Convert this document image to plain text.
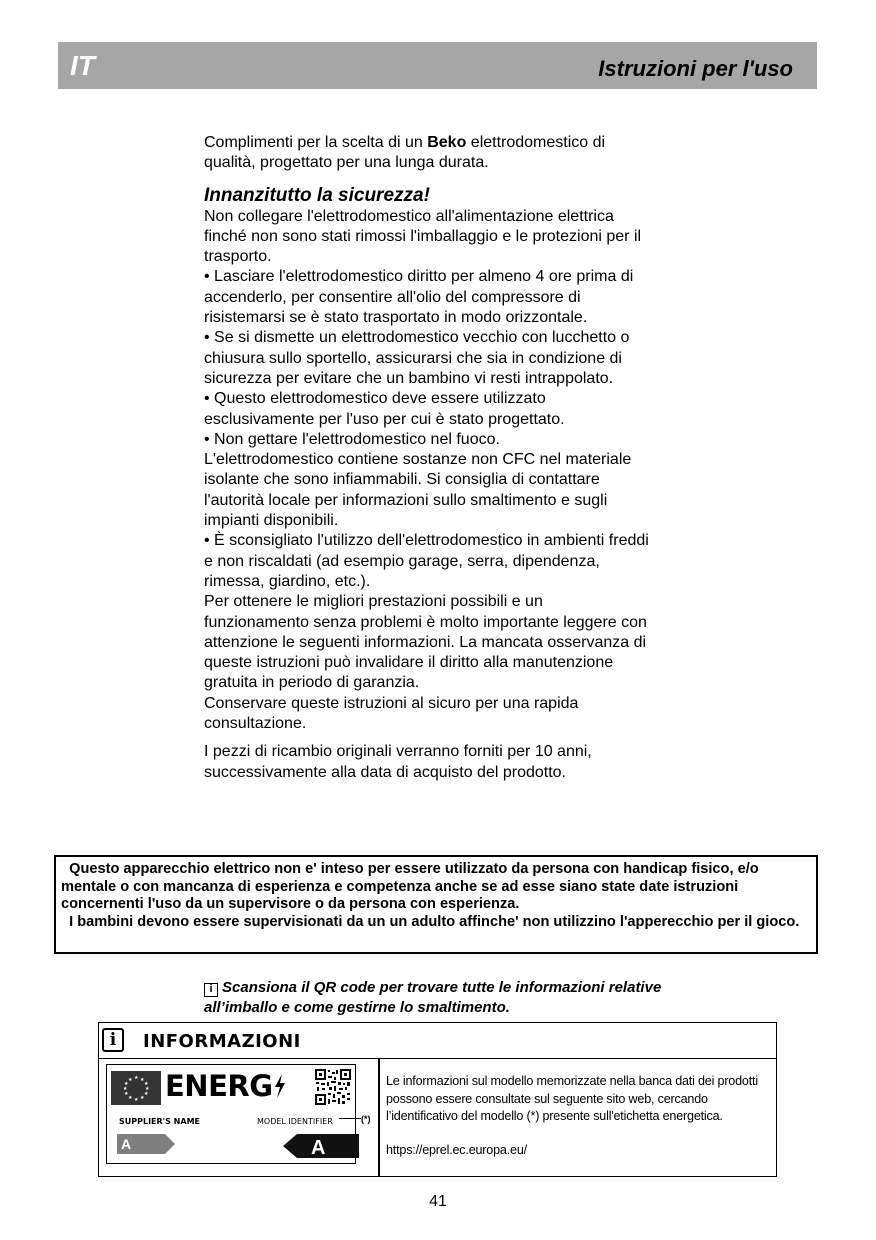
IT	Istruzioni per l'uso

Complimenti per la scelta di un Beko elettrodomestico di qualità, progettato per una lunga durata.

Innanzitutto la sicurezza!

Non collegare l'elettrodomestico all'alimentazione elettrica finché non sono stati rimossi l'imballaggio e le protezioni per il trasporto.

• Lasciare l'elettrodomestico diritto per almeno 4 ore prima di accenderlo, per consentire all'olio del compressore di risistemarsi se è stato trasportato in modo orizzontale.

• Se si dismette un elettrodomestico vecchio con lucchetto o chiusura sullo sportello, assicurarsi che sia in condizione di sicurezza per evitare che un bambino vi resti intrappolato.

• Questo elettrodomestico deve essere utilizzato esclusivamente per l'uso per cui è stato progettato.

• Non gettare l'elettrodomestico nel fuoco.

L'elettrodomestico contiene sostanze non CFC nel materiale isolante che sono infiammabili. Si consiglia di contattare l'autorità locale per informazioni sullo smaltimento e sugli impianti disponibili.

• È sconsigliato l'utilizzo dell'elettrodomestico in ambienti freddi e non riscaldati (ad esempio garage, serra, dipendenza, rimessa, giardino, etc.).

Per ottenere le migliori prestazioni possibili e un funzionamento senza problemi è molto importante leggere con attenzione le seguenti informazioni. La mancata osservanza di queste istruzioni può invalidare il diritto alla manutenzione gratuita in periodo di garanzia.

Conservare queste istruzioni al sicuro per una rapida consultazione.

I pezzi di ricambio originali verranno forniti per 10 anni, successivamente alla data di acquisto del prodotto.

Questo apparecchio elettrico non e' inteso per essere utilizzato da persona con handicap fisico, e/o mentale o con mancanza di esperienza e competenza anche se ad esse siano state date istruzioni concernenti l'uso da un supervisore o da persona con esperienza.

I bambini devono essere supervisionati da un un adulto affinche' non utilizzino l'apperecchio per il gioco.

i Scansiona il QR code per trovare tutte le informazioni relative all’imballo e come gestirne lo smaltimento.
i	INFORMAZIONI
★ ★
★
★
★
★
★
★
★
★
★
★ ENERG
SUPPLIER'S NAME	MODEL IDENTIFIER
A	A
(*)

Le informazioni sul modello memorizzate nella banca dati dei prodotti possono essere consultate sul seguente sito web, cercando l’identificativo del modello (*) presente sull'etichetta energetica.

https://eprel.ec.europa.eu/

41
